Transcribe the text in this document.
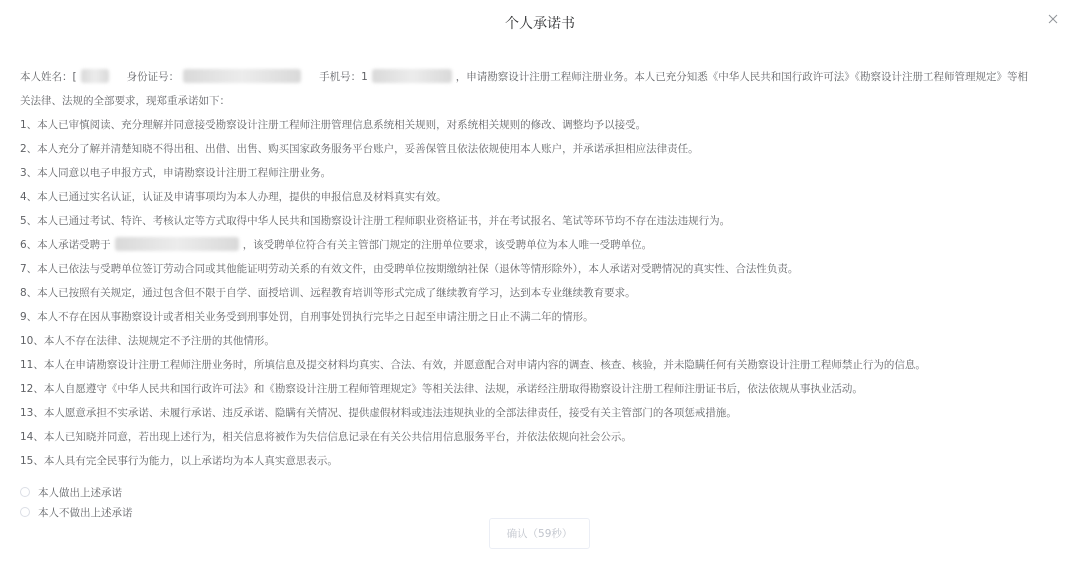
个人承诺书

本人姓名：[	身份证号：	手机号：1	，申请勘察设计注册工程师注册业务。本人已充分知悉《中华人民共和国行政许可法》《勘察设计注册工程师管理规定》等相

关法律、法规的全部要求，现郑重承诺如下：

1、本人已审慎阅读、充分理解并同意接受勘察设计注册工程师注册管理信息系统相关规则，对系统相关规则的修改、调整均予以接受。

2、本人充分了解并清楚知晓不得出租、出借、出售、购买国家政务服务平台账户，妥善保管且依法依规使用本人账户，并承诺承担相应法律责任。

3、本人同意以电子申报方式，申请勘察设计注册工程师注册业务。

4、本人已通过实名认证，认证及申请事项均为本人办理，提供的申报信息及材料真实有效。

5、本人已通过考试、特许、考核认定等方式取得中华人民共和国勘察设计注册工程师职业资格证书，并在考试报名、笔试等环节均不存在违法违规行为。

6、本人承诺受聘于	，该受聘单位符合有关主管部门规定的注册单位要求，该受聘单位为本人唯一受聘单位。

7、本人已依法与受聘单位签订劳动合同或其他能证明劳动关系的有效文件，由受聘单位按期缴纳社保（退休等情形除外），本人承诺对受聘情况的真实性、合法性负责。

8、本人已按照有关规定，通过包含但不限于自学、面授培训、远程教育培训等形式完成了继续教育学习，达到本专业继续教育要求。

9、本人不存在因从事勘察设计或者相关业务受到刑事处罚，自刑事处罚执行完毕之日起至申请注册之日止不满二年的情形。

10、本人不存在法律、法规规定不予注册的其他情形。

11、本人在申请勘察设计注册工程师注册业务时，所填信息及提交材料均真实、合法、有效，并愿意配合对申请内容的调查、核查、核验，并未隐瞒任何有关勘察设计注册工程师禁止行为的信息。

12、本人自愿遵守《中华人民共和国行政许可法》和《勘察设计注册工程师管理规定》等相关法律、法规，承诺经注册取得勘察设计注册工程师注册证书后，依法依规从事执业活动。

13、本人愿意承担不实承诺、未履行承诺、违反承诺、隐瞒有关情况、提供虚假材料或违法违规执业的全部法律责任，接受有关主管部门的各项惩戒措施。

14、本人已知晓并同意，若出现上述行为，相关信息将被作为失信信息记录在有关公共信用信息服务平台，并依法依规向社会公示。

15、本人具有完全民事行为能力，以上承诺均为本人真实意思表示。

本人做出上述承诺
本人不做出上述承诺
确认（59秒）
